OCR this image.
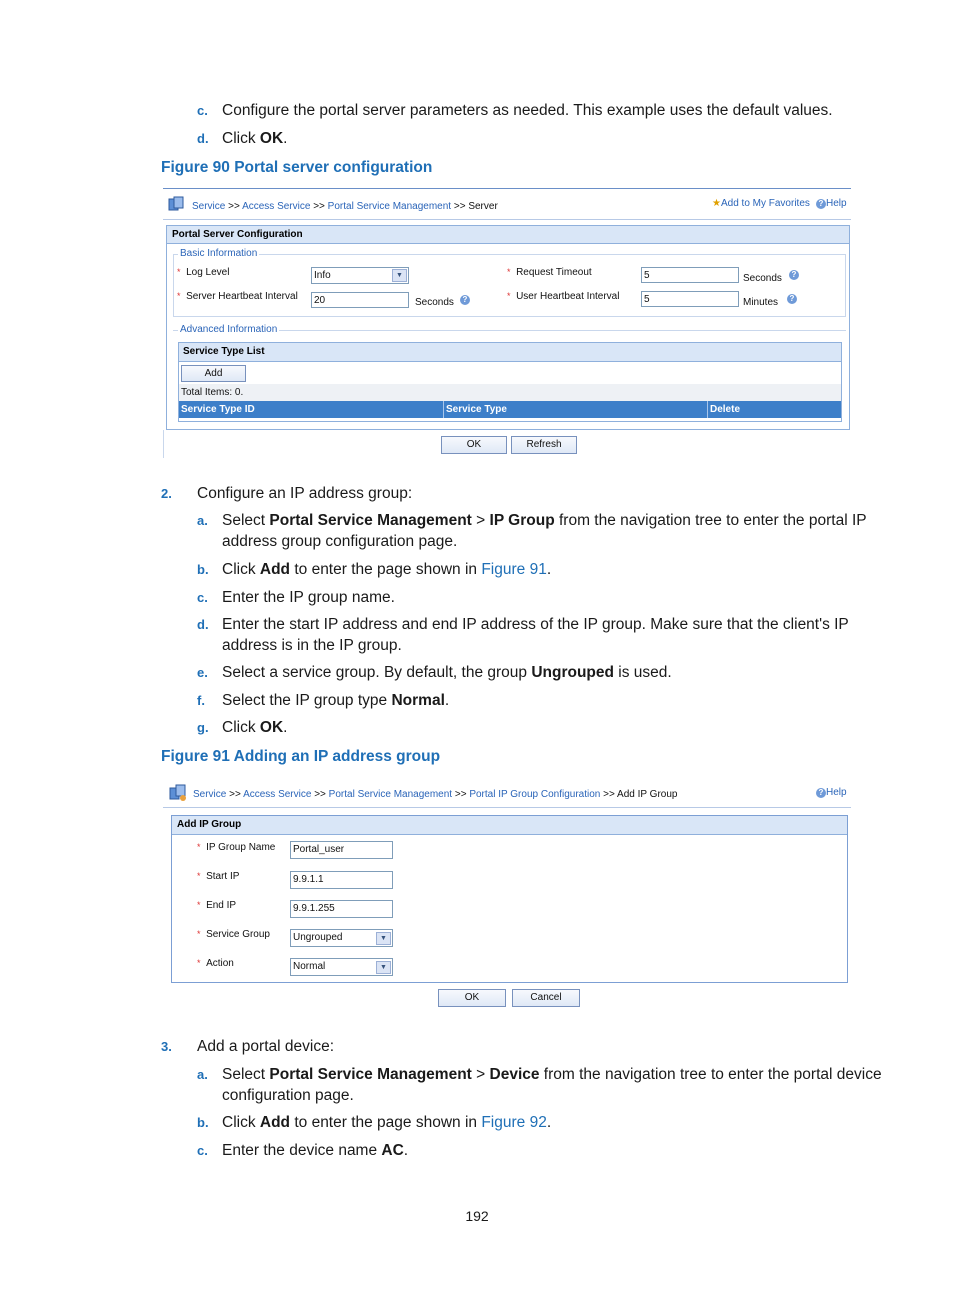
c. Configure the portal server parameters as needed. This example uses the default values.
d. Click OK.
Figure 90 Portal server configuration
Service >> Access Service >> Portal Service Management >> Server	★Add to My Favorites	? Help
Portal Server Configuration
Basic Information
* Log Level	Info	▼
* Server Heartbeat Interval	20	Seconds	?
* Request Timeout	5	Seconds	?
* User Heartbeat Interval	5	Minutes	?
Advanced Information
Service Type List
Add
Total Items: 0.
Service Type ID	Service Type	Delete
OK	Refresh
2. Configure an IP address group:
a. Select Portal Service Management > IP Group from the navigation tree to enter the portal IP
address group configuration page.
b. Click Add to enter the page shown in Figure 91.
c. Enter the IP group name.
d. Enter the start IP address and end IP address of the IP group. Make sure that the client's IP
address is in the IP group.
e. Select a service group. By default, the group Ungrouped is used.
f. Select the IP group type Normal.
g. Click OK.
Figure 91 Adding an IP address group
Service >> Access Service >> Portal Service Management >> Portal IP Group Configuration >> Add IP Group	? Help
Add IP Group
* IP Group Name	Portal_user
* Start IP	9.9.1.1
* End IP	9.9.1.255
* Service Group	Ungrouped	▼
* Action	Normal	▼
OK	Cancel
3. Add a portal device:
a. Select Portal Service Management > Device from the navigation tree to enter the portal device
configuration page.
b. Click Add to enter the page shown in Figure 92.
c. Enter the device name AC.
192
